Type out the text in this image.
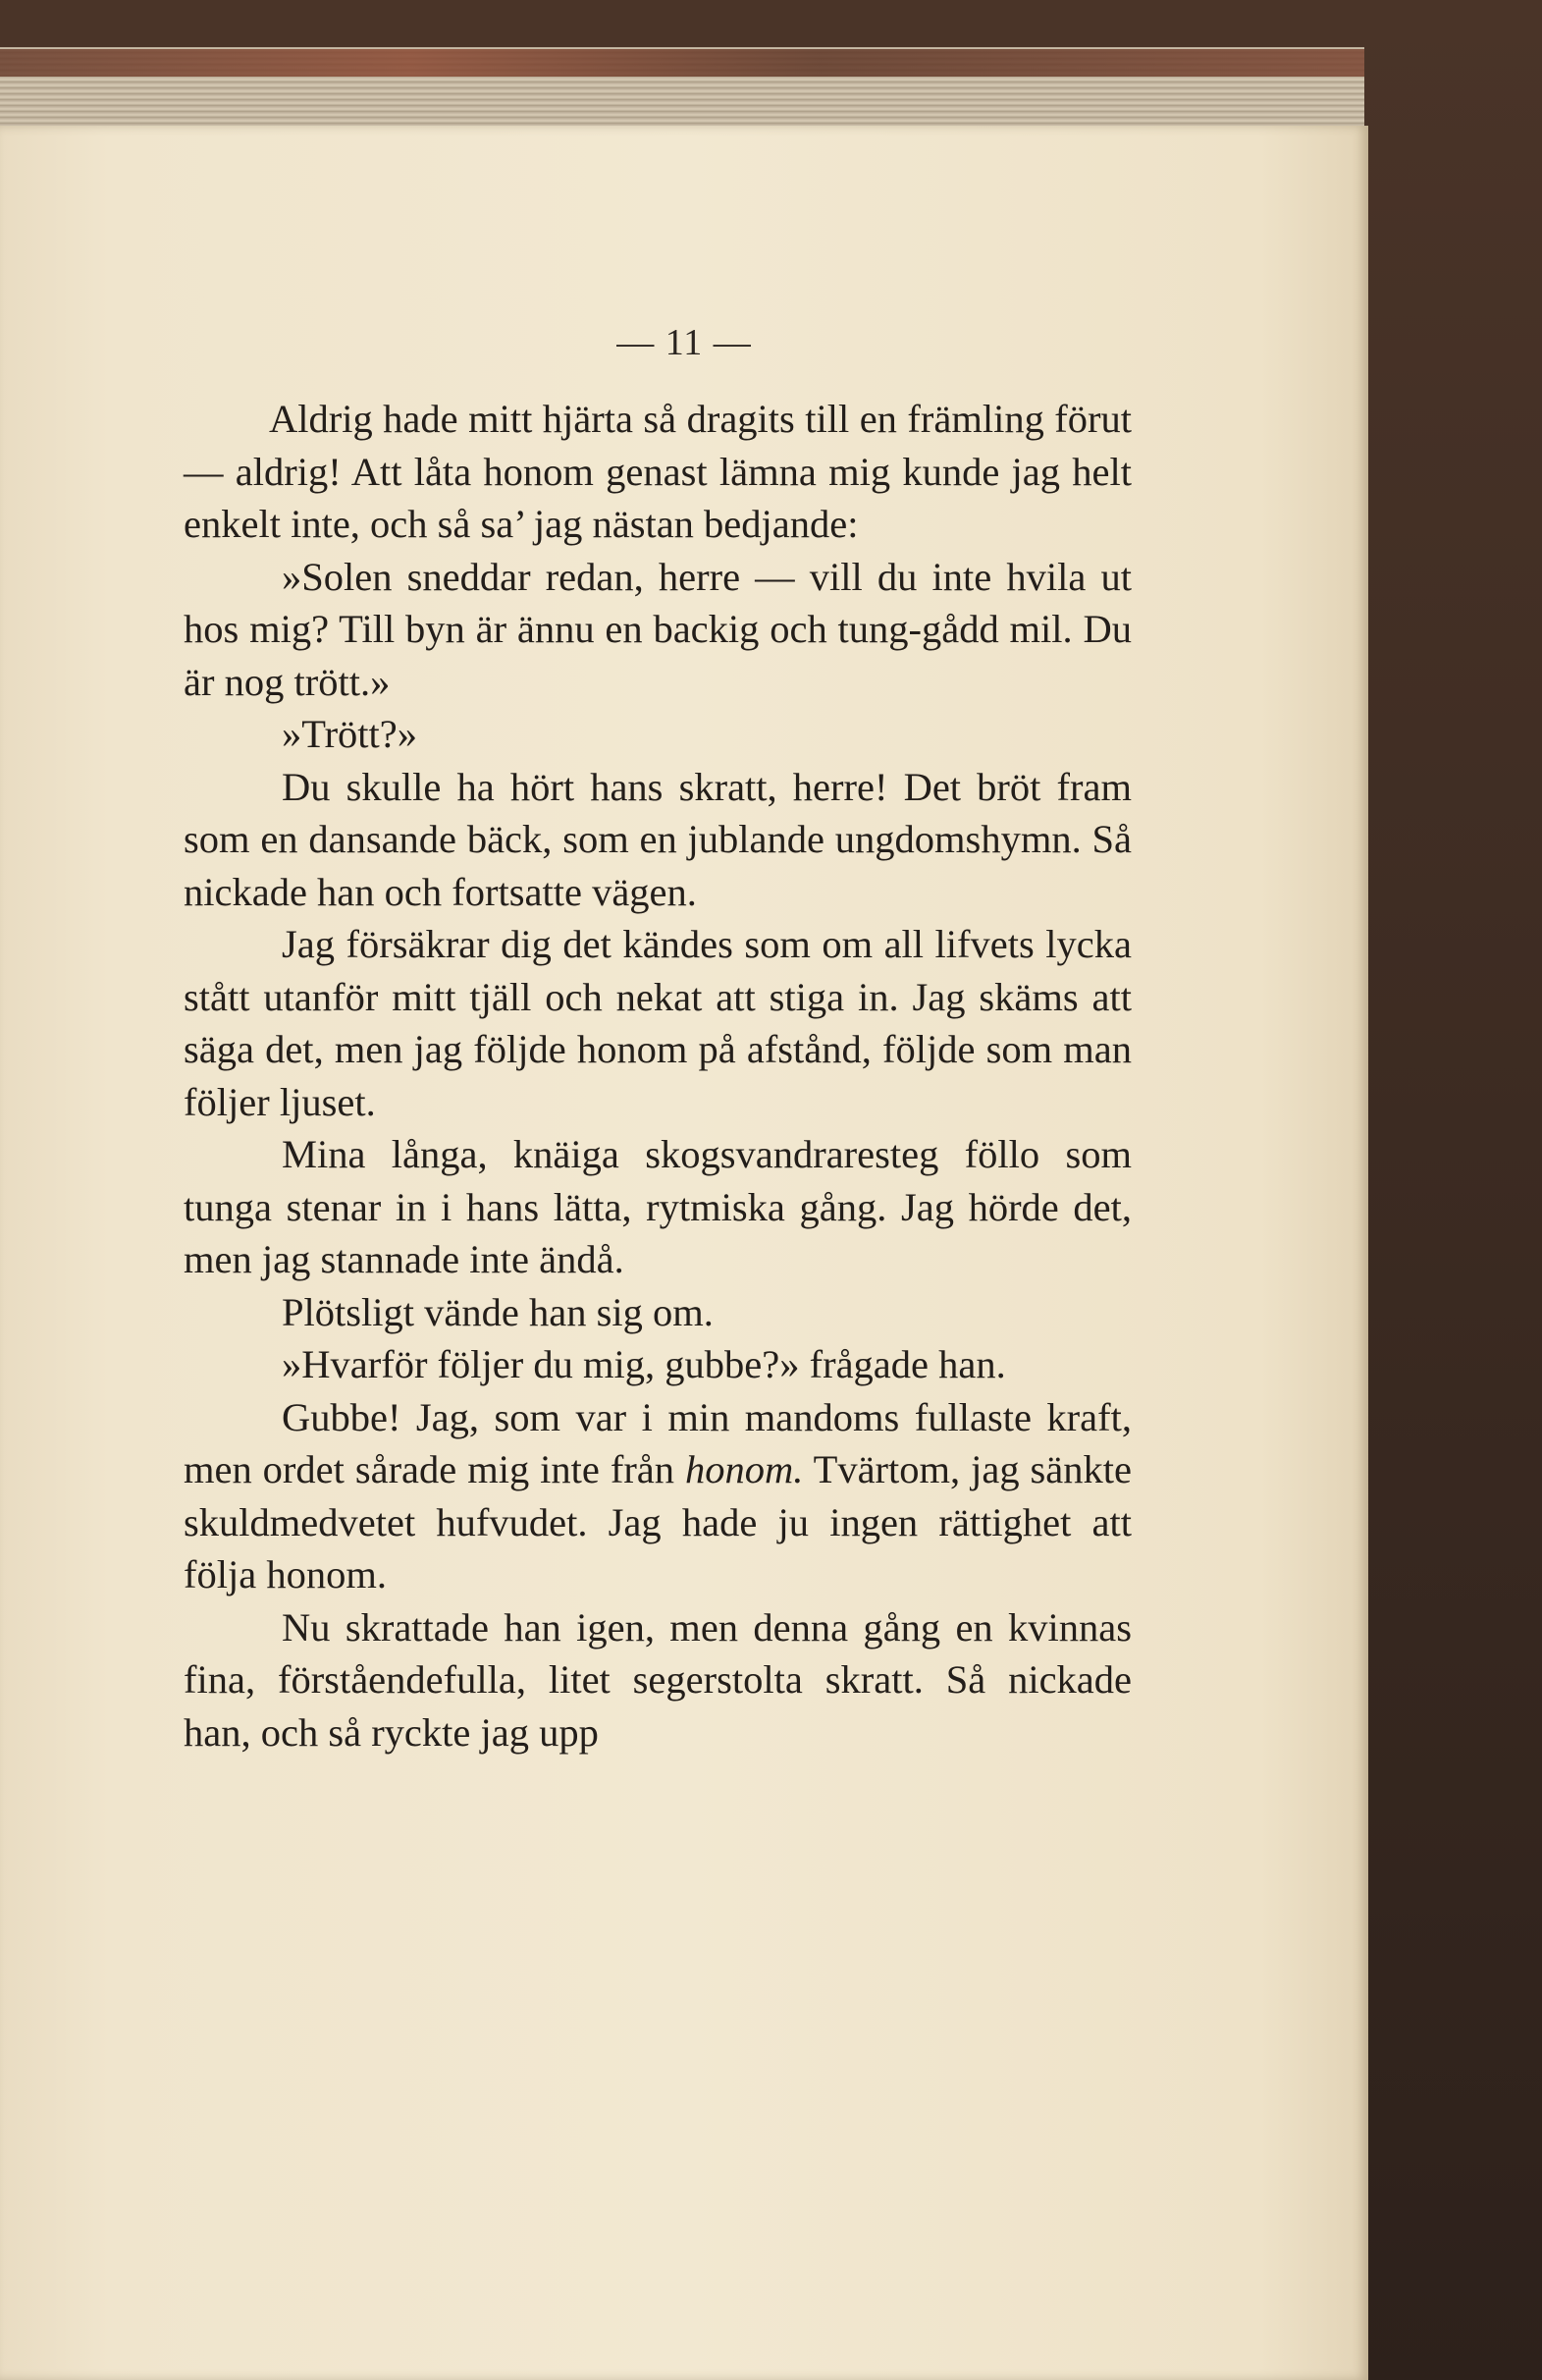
— 11 —

Aldrig hade mitt hjärta så dragits till en främling förut — aldrig! Att låta honom genast lämna mig kunde jag helt enkelt inte, och så sa’ jag nästan bedjande:

»Solen sneddar redan, herre — vill du inte hvila ut hos mig? Till byn är ännu en backig och tung-gådd mil. Du är nog trött.»

»Trött?»

Du skulle ha hört hans skratt, herre! Det bröt fram som en dansande bäck, som en jublande ungdomshymn. Så nickade han och fortsatte vägen.

Jag försäkrar dig det kändes som om all lifvets lycka stått utanför mitt tjäll och nekat att stiga in. Jag skäms att säga det, men jag följde honom på afstånd, följde som man följer ljuset.

Mina långa, knäiga skogsvandraresteg föllo som tunga stenar in i hans lätta, rytmiska gång. Jag hörde det, men jag stannade inte ändå.

Plötsligt vände han sig om.

»Hvarför följer du mig, gubbe?» frågade han.

Gubbe! Jag, som var i min mandoms fullaste kraft, men ordet sårade mig inte från honom. Tvärtom, jag sänkte skuldmedvetet hufvudet. Jag hade ju ingen rättighet att följa honom.

Nu skrattade han igen, men denna gång en kvinnas fina, förståendefulla, litet segerstolta skratt. Så nickade han, och så ryckte jag upp
